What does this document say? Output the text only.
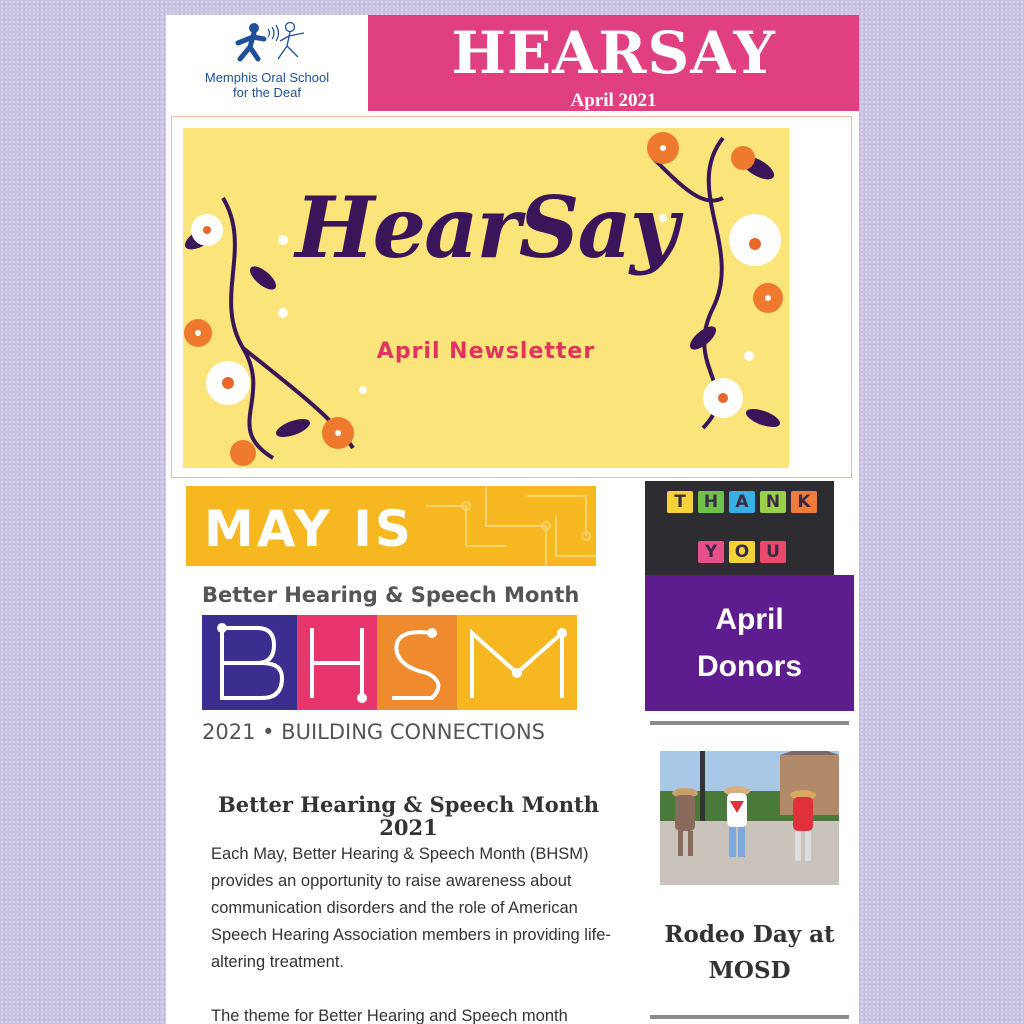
Memphis Oral School
for the Deaf
HEARSAY
April 2021
HearSay
April Newsletter
MAY IS
Better Hearing & Speech Month
2021 • BUILDING CONNECTIONS
Better Hearing & Speech Month 2021

Each May, Better Hearing & Speech Month (BHSM) provides an opportunity to raise awareness about communication disorders and the role of American Speech Hearing Association members in providing life-altering treatment.

The theme for Better Hearing and Speech month

T	H	A	N	K
Y	O U
April
Donors
Rodeo Day at MOSD
